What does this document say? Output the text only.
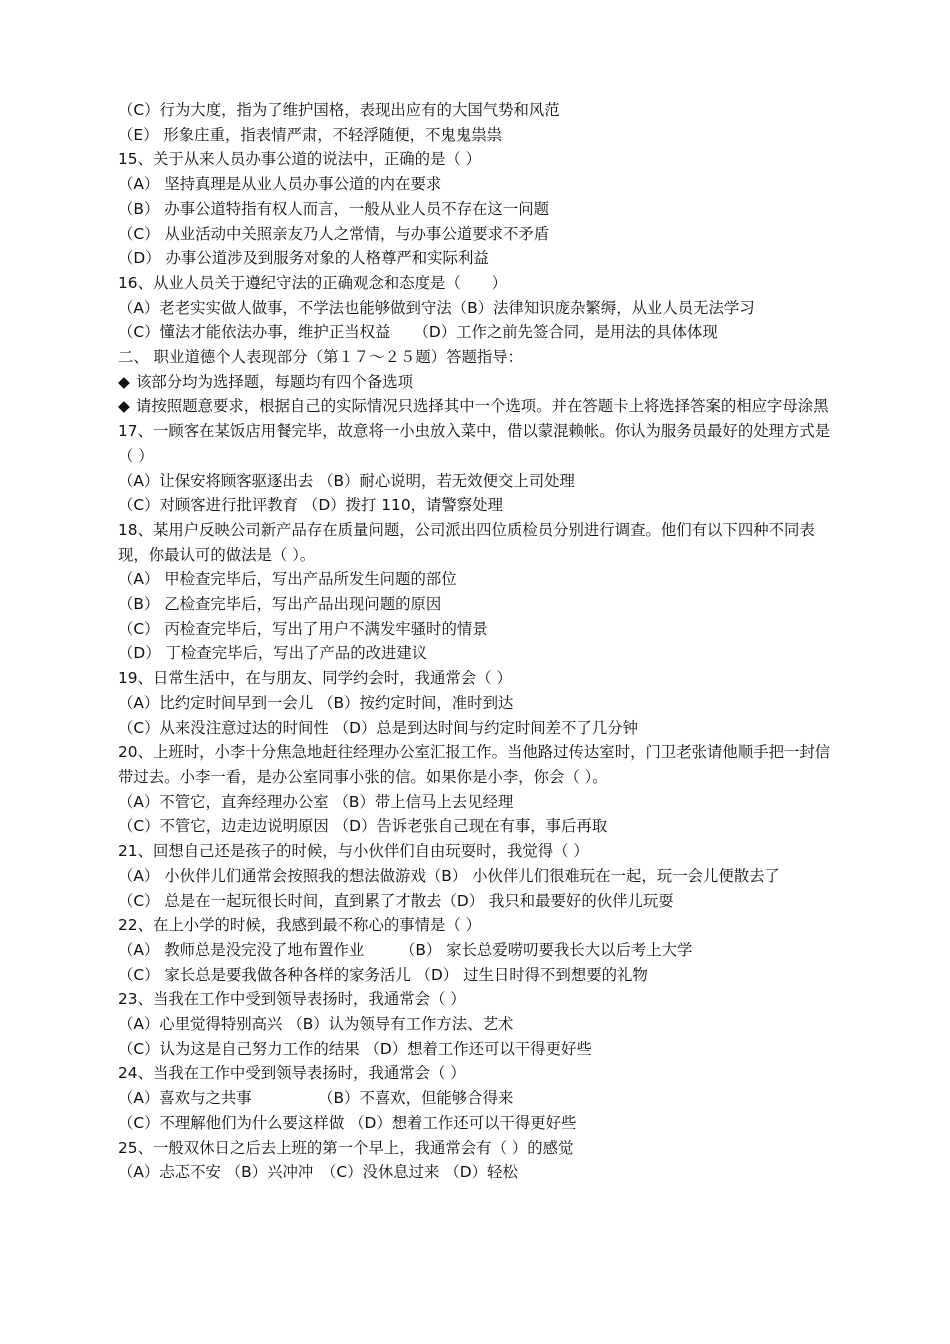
（C）行为大度，指为了维护国格，表现出应有的大国气势和风范
（E） 形象庄重，指表情严肃，不轻浮随便，不鬼鬼祟祟
15、关于从来人员办事公道的说法中，正确的是（ ）
（A） 坚持真理是从业人员办事公道的内在要求
（B） 办事公道特指有权人而言，一般从业人员不存在这一问题
（C） 从业活动中关照亲友乃人之常情，与办事公道要求不矛盾
（D） 办事公道涉及到服务对象的人格尊严和实际利益
16、从业人员关于遵纪守法的正确观念和态度是（　　）
（A）老老实实做人做事，不学法也能够做到守法（B）法律知识庞杂繁缛，从业人员无法学习
（C）懂法才能依法办事，维护正当权益　　（D）工作之前先签合同，是用法的具体体现
二、 职业道德个人表现部分（第１７～２５题）答题指导：
◆ 该部分均为选择题，每题均有四个备选项
◆ 请按照题意要求，根据自己的实际情况只选择其中一个选项。并在答题卡上将选择答案的相应字母涂黑
17、一顾客在某饭店用餐完毕，故意将一小虫放入菜中，借以蒙混赖帐。你认为服务员最好的处理方式是（ ）
（A）让保安将顾客驱逐出去 （B）耐心说明，若无效便交上司处理
（C）对顾客进行批评教育 （D）拨打 110，请警察处理
18、某用户反映公司新产品存在质量问题，公司派出四位质检员分别进行调查。他们有以下四种不同表现，你最认可的做法是（ ）。
（A） 甲检查完毕后，写出产品所发生问题的部位
（B） 乙检查完毕后，写出产品出现问题的原因
（C） 丙检查完毕后，写出了用户不满发牢骚时的情景
（D） 丁检查完毕后，写出了产品的改进建议
19、日常生活中，在与朋友、同学约会时，我通常会（ ）
（A）比约定时间早到一会儿 （B）按约定时间，准时到达
（C）从来没注意过达的时间性 （D）总是到达时间与约定时间差不了几分钟
20、上班时，小李十分焦急地赶往经理办公室汇报工作。当他路过传达室时，门卫老张请他顺手把一封信带过去。小李一看，是办公室同事小张的信。如果你是小李，你会（ ）。
（A）不管它，直奔经理办公室 （B）带上信马上去见经理
（C）不管它，边走边说明原因 （D）告诉老张自己现在有事，事后再取
21、回想自己还是孩子的时候，与小伙伴们自由玩耍时，我觉得（ ）
（A） 小伙伴儿们通常会按照我的想法做游戏（B） 小伙伴儿们很难玩在一起，玩一会儿便散去了
（C） 总是在一起玩很长时间，直到累了才散去（D） 我只和最要好的伙伴儿玩耍
22、在上小学的时候，我感到最不称心的事情是（ ）
（A） 教师总是没完没了地布置作业　　 （B） 家长总爱唠叨要我长大以后考上大学
（C） 家长总是要我做各种各样的家务活儿 （D） 过生日时得不到想要的礼物
23、当我在工作中受到领导表扬时，我通常会（ ）
（A）心里觉得特别高兴 （B）认为领导有工作方法、艺术
（C）认为这是自己努力工作的结果 （D）想着工作还可以干得更好些
24、当我在工作中受到领导表扬时，我通常会（ ）
（A）喜欢与之共事　　　　 （B）不喜欢，但能够合得来
（C）不理解他们为什么要这样做 （D）想着工作还可以干得更好些
25、一般双休日之后去上班的第一个早上，我通常会有（ ）的感觉
（A）忐忑不安 （B）兴冲冲　（C）没休息过来 （D）轻松
